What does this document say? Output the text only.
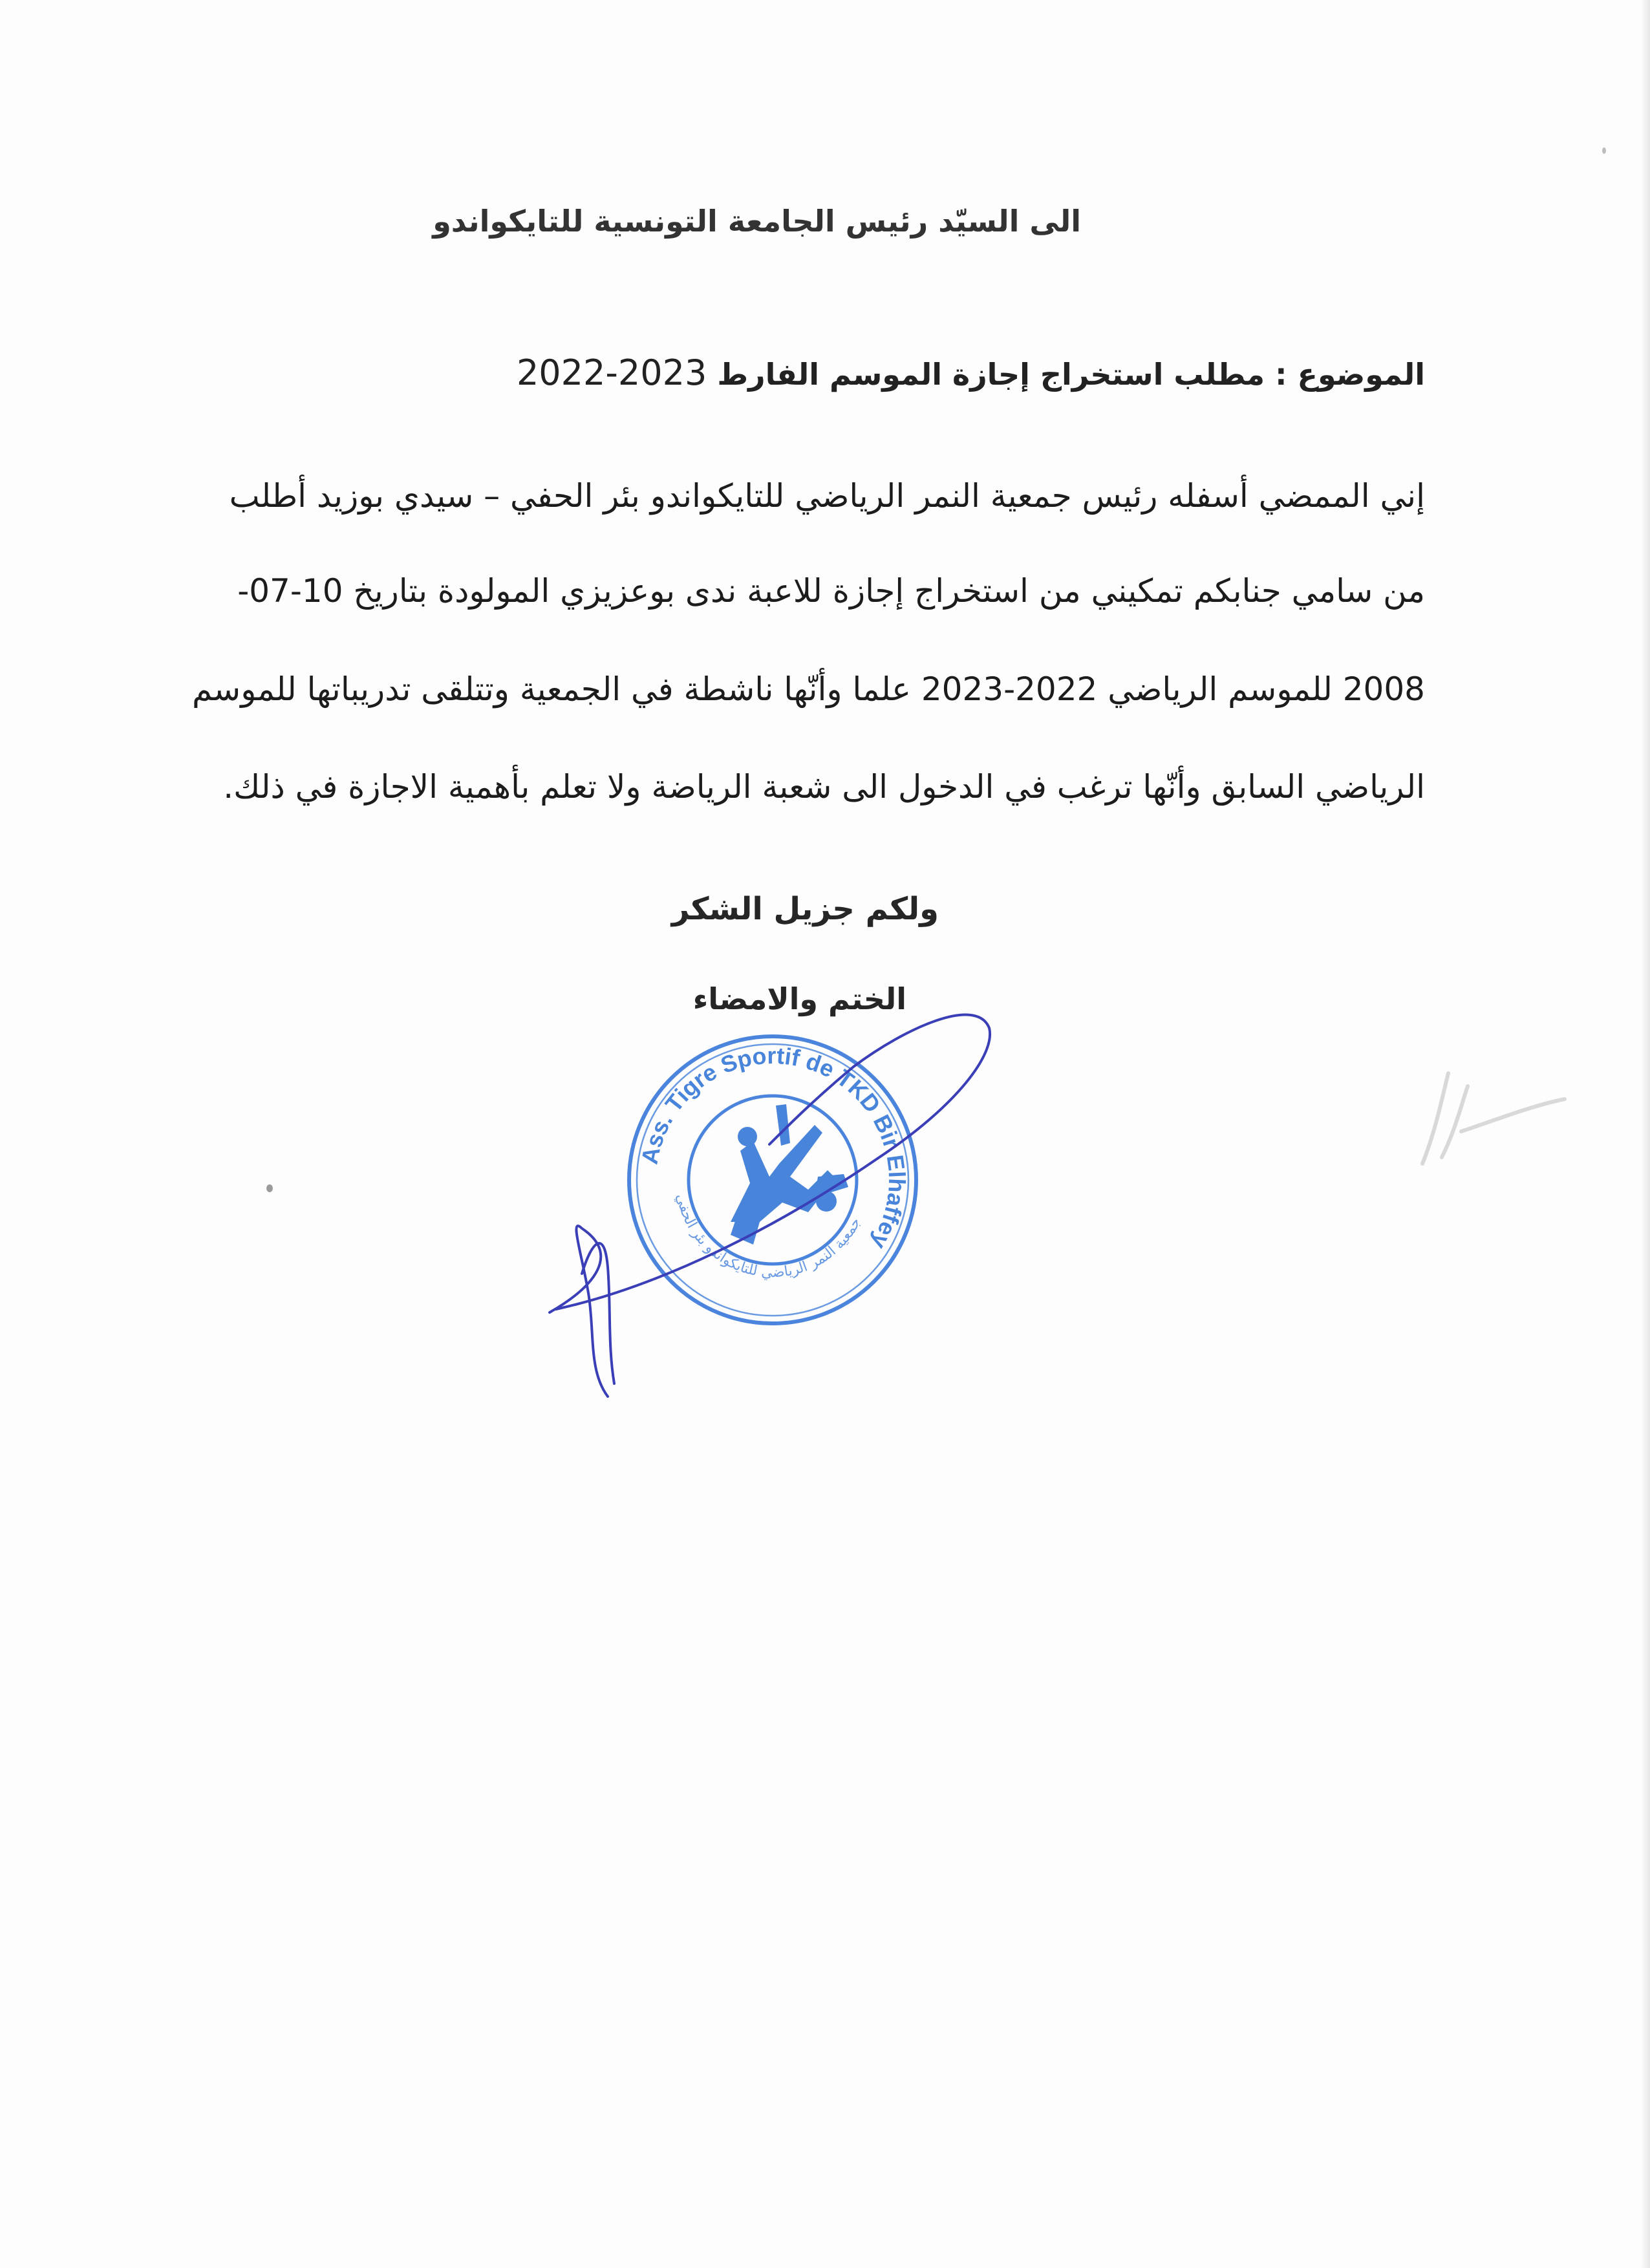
الى السيّد رئيس الجامعة التونسية للتايكواندو
الموضوع : مطلب استخراج إجازة الموسم الفارط2023-2022
إني الممضي أسفله رئيس جمعية النمر الرياضي للتايكواندو بئر الحفي – سيدي بوزيد أطلب
من سامي جنابكم تمكيني من استخراج إجازة للاعبة ندى بوعزيزي المولودة بتاريخ 10-07-
2008 للموسم الرياضي 2022-2023 علما وأنّها ناشطة في الجمعية وتتلقى تدريباتها للموسم
الرياضي السابق وأنّها ترغب في الدخول الى شعبة الرياضة ولا تعلم بأهمية الاجازة في ذلك.
ولكم جزيل الشكر
الختم والامضاء
Ass. Tigre Sportif de TKD Bir Elhaffey
جمعية النمر الرياضي للتايكواندو بئر الحفي
